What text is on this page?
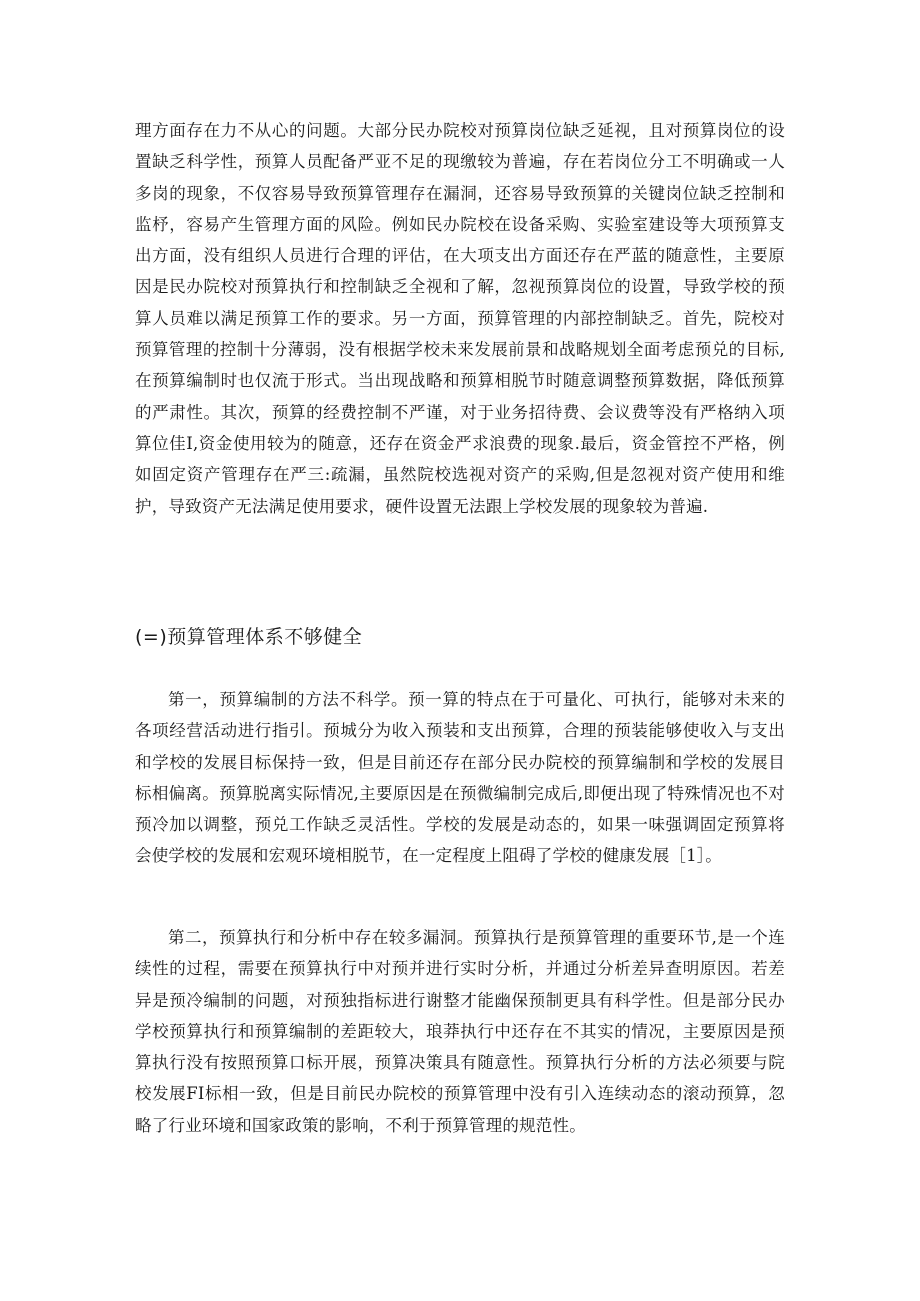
理方面存在力不从心的问题。大部分民办院校对预算岗位缺乏延视，且对预算岗位的设置缺乏科学性，预算人员配备严亚不足的现缴较为普遍，存在若岗位分工不明确或一人多岗的现象，不仅容易导致预算管理存在漏洞，还容易导致预算的关键岗位缺乏控制和监杼，容易产生管理方面的风险。例如民办院校在设备采购、实验室建设等大项预算支出方面，没有组织人员进行合理的评估，在大项支出方面还存在严蓝的随意性，主要原因是民办院校对预算执行和控制缺乏全视和了解，忽视预算岗位的设置，导致学校的预算人员难以满足预算工作的要求。另一方面，预算管理的内部控制缺乏。首先，院校对预算管理的控制十分薄弱，没有根据学校未来发展前景和战略规划全面考虑预兑的目标,在预算编制时也仅流于形式。当出现战略和预算相脱节时随意调整预算数据，降低预算的严肃性。其次，预算的经费控制不严谨，对于业务招待费、会议费等没有严格纳入项算位佳I,资金使用较为的随意，还存在资金严求浪费的现象.最后，资金管控不严格，例如固定资产管理存在严三:疏漏，虽然院校选视对资产的采购,但是忽视对资产使用和维护，导致资产无法满足使用要求，硬件设置无法跟上学校发展的现象较为普遍.

(=)预算管理体系不够健全

第一，预算编制的方法不科学。预一算的特点在于可量化、可执行，能够对未来的各项经营活动进行指引。预城分为收入预装和支出预算，合理的预装能够使收入与支出和学校的发展目标保持一致，但是目前还存在部分民办院校的预算编制和学校的发展目标相偏离。预算脱离实际情况,主要原因是在预微编制完成后,即便出现了特殊情况也不对预冷加以调整，预兑工作缺乏灵活性。学校的发展是动态的，如果一味强调固定预算将会使学校的发展和宏观环境相脱节，在一定程度上阻碍了学校的健康发展［1］。

第二，预算执行和分析中存在较多漏洞。预算执行是预算管理的重要环节,是一个连续性的过程，需要在预算执行中对预并进行实时分析，并通过分析差异查明原因。若差异是预冷编制的问题，对预独指标进行谢整才能幽保预制更具有科学性。但是部分民办学校预算执行和预算编制的差距较大，琅莽执行中还存在不其实的情况，主要原因是预算执行没有按照预算口标开展，预算决策具有随意性。预算执行分析的方法必须要与院校发展FI标相一致，但是目前民办院校的预算管理中没有引入连续动态的滚动预算，忽略了行业环境和国家政策的影响，不利于预算管理的规范性。
